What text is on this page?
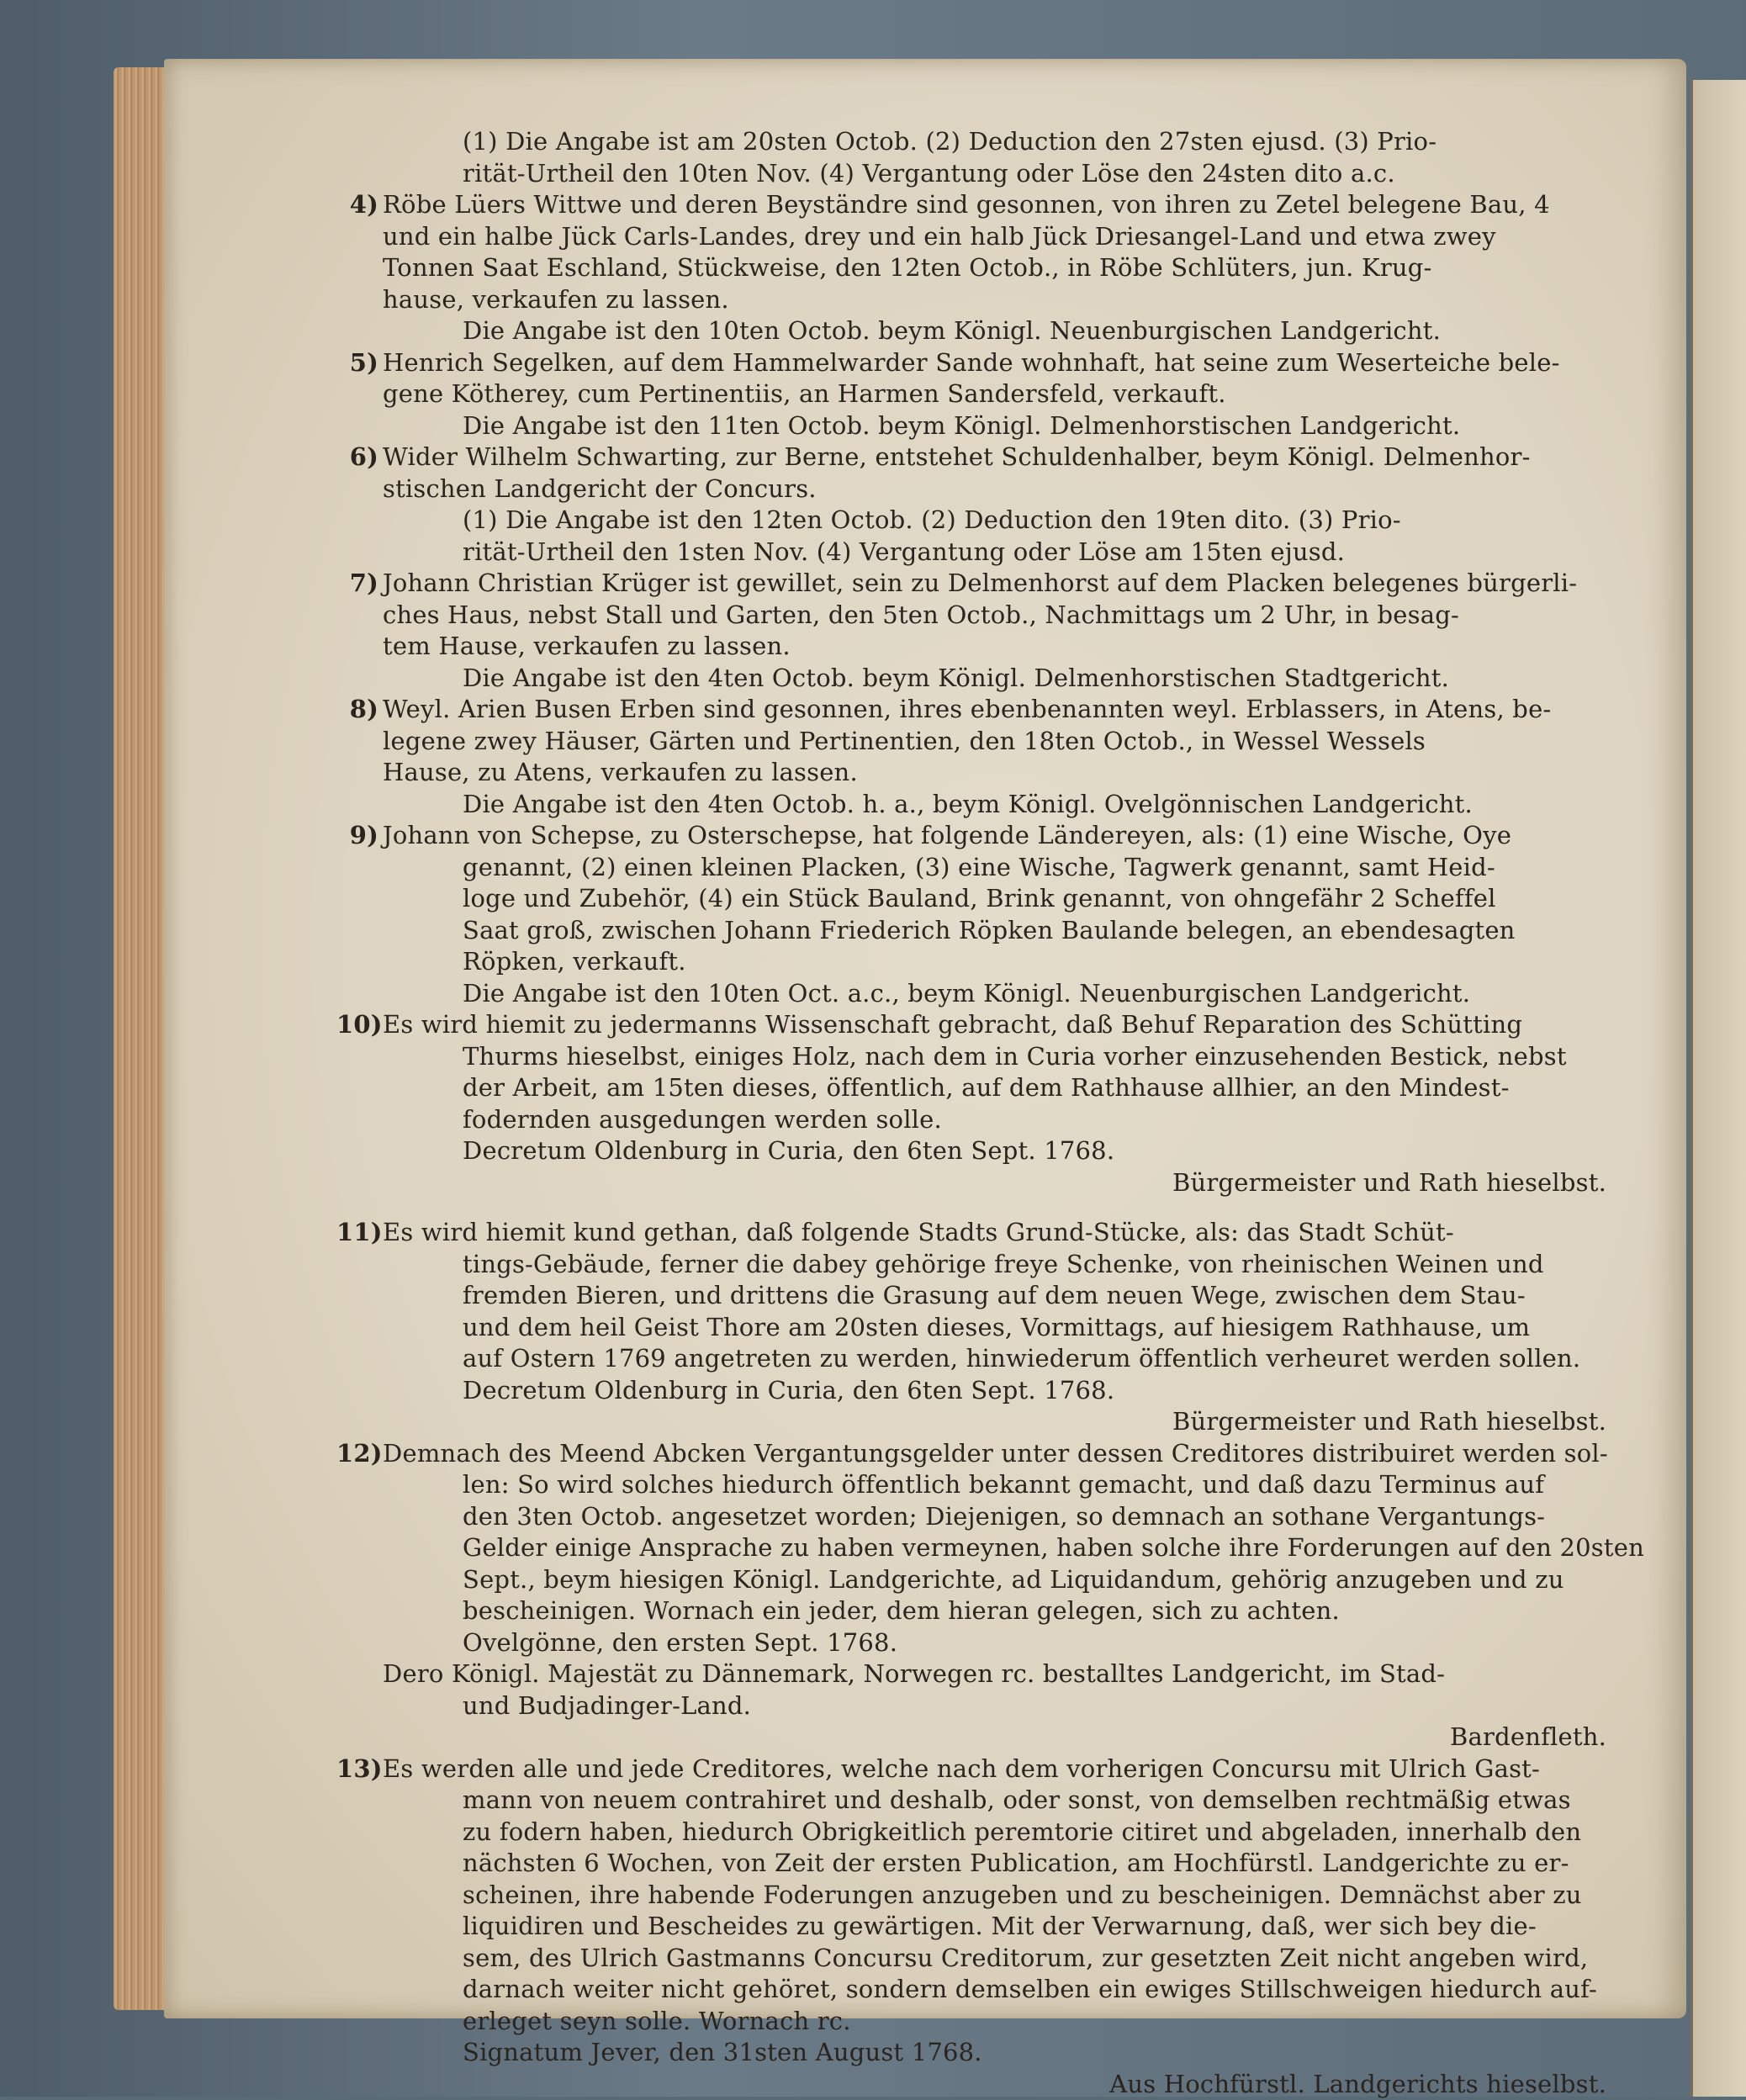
(1) Die Angabe ist am 20sten Octob. (2) Deduction den 27sten ejusd. (3) Prio-
rität-Urtheil den 10ten Nov. (4) Vergantung oder Löse den 24sten dito a.c.
4) Röbe Lüers Wittwe und deren Beyständre sind gesonnen, von ihren zu Zetel belegene Bau, 4
und ein halbe Jück Carls-Landes, drey und ein halb Jück Driesangel-Land und etwa zwey
Tonnen Saat Eschland, Stückweise, den 12ten Octob., in Röbe Schlüters, jun. Krug-
hause, verkaufen zu lassen.
Die Angabe ist den 10ten Octob. beym Königl. Neuenburgischen Landgericht.
5) Henrich Segelken, auf dem Hammelwarder Sande wohnhaft, hat seine zum Weserteiche bele-
gene Kötherey, cum Pertinentiis, an Harmen Sandersfeld, verkauft.
Die Angabe ist den 11ten Octob. beym Königl. Delmenhorstischen Landgericht.
6) Wider Wilhelm Schwarting, zur Berne, entstehet Schuldenhalber, beym Königl. Delmenhor-
stischen Landgericht der Concurs.
(1) Die Angabe ist den 12ten Octob. (2) Deduction den 19ten dito. (3) Prio-
rität-Urtheil den 1sten Nov. (4) Vergantung oder Löse am 15ten ejusd.
7) Johann Christian Krüger ist gewillet, sein zu Delmenhorst auf dem Placken belegenes bürgerli-
ches Haus, nebst Stall und Garten, den 5ten Octob., Nachmittags um 2 Uhr, in besag-
tem Hause, verkaufen zu lassen.
Die Angabe ist den 4ten Octob. beym Königl. Delmenhorstischen Stadtgericht.
8) Weyl. Arien Busen Erben sind gesonnen, ihres ebenbenannten weyl. Erblassers, in Atens, be-
legene zwey Häuser, Gärten und Pertinentien, den 18ten Octob., in Wessel Wessels
Hause, zu Atens, verkaufen zu lassen.
Die Angabe ist den 4ten Octob. h. a., beym Königl. Ovelgönnischen Landgericht.
9) Johann von Schepse, zu Osterschepse, hat folgende Ländereyen, als: (1) eine Wische, Oye
genannt, (2) einen kleinen Placken, (3) eine Wische, Tagwerk genannt, samt Heid-
loge und Zubehör, (4) ein Stück Bauland, Brink genannt, von ohngefähr 2 Scheffel
Saat groß, zwischen Johann Friederich Röpken Baulande belegen, an ebendesagten
Röpken, verkauft.
Die Angabe ist den 10ten Oct. a.c., beym Königl. Neuenburgischen Landgericht.
10) Es wird hiemit zu jedermanns Wissenschaft gebracht, daß Behuf Reparation des Schütting
Thurms hieselbst, einiges Holz, nach dem in Curia vorher einzusehenden Bestick, nebst
der Arbeit, am 15ten dieses, öffentlich, auf dem Rathhause allhier, an den Mindest-
fodernden ausgedungen werden solle.
Decretum Oldenburg in Curia, den 6ten Sept. 1768.
Bürgermeister und Rath hieselbst.
11) Es wird hiemit kund gethan, daß folgende Stadts Grund-Stücke, als: das Stadt Schüt-
tings-Gebäude, ferner die dabey gehörige freye Schenke, von rheinischen Weinen und
fremden Bieren, und drittens die Grasung auf dem neuen Wege, zwischen dem Stau-
und dem heil Geist Thore am 20sten dieses, Vormittags, auf hiesigem Rathhause, um
auf Ostern 1769 angetreten zu werden, hinwiederum öffentlich verheuret werden sollen.
Decretum Oldenburg in Curia, den 6ten Sept. 1768.
Bürgermeister und Rath hieselbst.
12) Demnach des Meend Abcken Vergantungsgelder unter dessen Creditores distribuiret werden sol-
len: So wird solches hiedurch öffentlich bekannt gemacht, und daß dazu Terminus auf
den 3ten Octob. angesetzet worden; Diejenigen, so demnach an sothane Vergantungs-
Gelder einige Ansprache zu haben vermeynen, haben solche ihre Forderungen auf den 20sten
Sept., beym hiesigen Königl. Landgerichte, ad Liquidandum, gehörig anzugeben und zu
bescheinigen. Wornach ein jeder, dem hieran gelegen, sich zu achten.
Ovelgönne, den ersten Sept. 1768.
Dero Königl. Majestät zu Dännemark, Norwegen rc. bestalltes Landgericht, im Stad-
und Budjadinger-Land.
Bardenfleth.
13) Es werden alle und jede Creditores, welche nach dem vorherigen Concursu mit Ulrich Gast-
mann von neuem contrahiret und deshalb, oder sonst, von demselben rechtmäßig etwas
zu fodern haben, hiedurch Obrigkeitlich peremtorie citiret und abgeladen, innerhalb den
nächsten 6 Wochen, von Zeit der ersten Publication, am Hochfürstl. Landgerichte zu er-
scheinen, ihre habende Foderungen anzugeben und zu bescheinigen. Demnächst aber zu
liquidiren und Bescheides zu gewärtigen. Mit der Verwarnung, daß, wer sich bey die-
sem, des Ulrich Gastmanns Concursu Creditorum, zur gesetzten Zeit nicht angeben wird,
darnach weiter nicht gehöret, sondern demselben ein ewiges Stillschweigen hiedurch auf-
erleget seyn solle. Wornach rc.
Signatum Jever, den 31sten August 1768.
Aus Hochfürstl. Landgerichts hieselbst.
